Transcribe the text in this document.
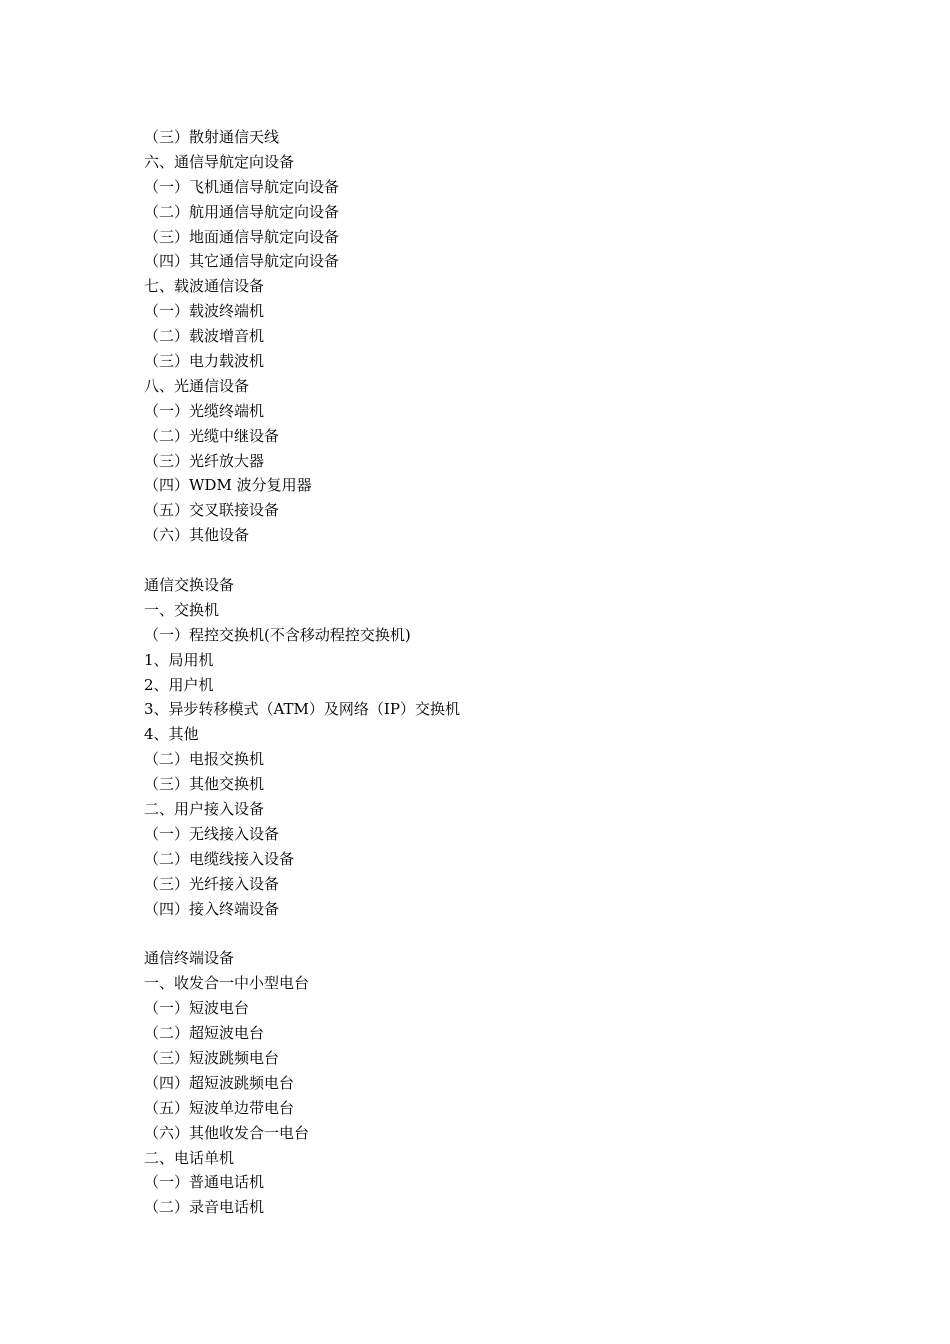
（三）散射通信天线
六、通信导航定向设备
（一）飞机通信导航定向设备
（二）航用通信导航定向设备
（三）地面通信导航定向设备
（四）其它通信导航定向设备
七、载波通信设备
（一）载波终端机
（二）载波增音机
（三）电力载波机
八、光通信设备
（一）光缆终端机
（二）光缆中继设备
（三）光纤放大器
（四）WDM 波分复用器
（五）交叉联接设备
（六）其他设备
通信交换设备
一、交换机
（一）程控交换机(不含移动程控交换机)
1、局用机
2、用户机
3、异步转移模式（ATM）及网络（IP）交换机
4、其他
（二）电报交换机
（三）其他交换机
二、用户接入设备
（一）无线接入设备
（二）电缆线接入设备
（三）光纤接入设备
（四）接入终端设备
通信终端设备
一、收发合一中小型电台
（一）短波电台
（二）超短波电台
（三）短波跳频电台
（四）超短波跳频电台
（五）短波单边带电台
（六）其他收发合一电台
二、电话单机
（一）普通电话机
（二）录音电话机
